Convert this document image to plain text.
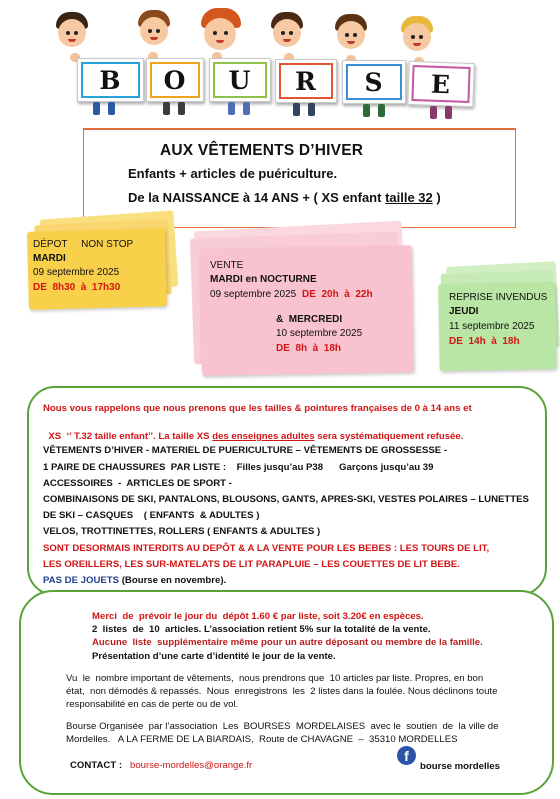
B O U R S E
AUX VÊTEMENTS D’HIVER
Enfants + articles de puériculture.
De la NAISSANCE à 14 ANS + ( XS enfant taille 32 )
DÉPOT     NON STOP
MARDI
09 septembre 2025
DE  8h30  à  17h30
VENTE
MARDI en NOCTURNE
09 septembre 2025 DE  20h  à  22h
&  MERCREDI
10 septembre 2025
DE  8h  à  18h
REPRISE INVENDUS
JEUDI
11 septembre 2025
DE  14h  à  18h
Nous vous rappelons que nous prenons que les tailles & pointures françaises de 0 à 14 ans et

XS  ‘’ T.32 taille enfant’’. La taille XS des enseignes adultes sera systématiquement refusée.

VÊTEMENTS D’HIVER - MATERIEL DE PUERICULTURE – VÊTEMENTS DE GROSSESSE -
1 PAIRE DE CHAUSSURES  PAR LISTE :    Filles jusqu’au P38      Garçons jusqu’au 39
ACCESSOIRES  -  ARTICLES DE SPORT -
COMBINAISONS DE SKI, PANTALONS, BLOUSONS, GANTS, APRES-SKI, VESTES POLAIRES – LUNETTES
DE SKI – CASQUES    ( ENFANTS  & ADULTES )
VELOS, TROTTINETTES, ROLLERS ( ENFANTS & ADULTES )
SONT DESORMAIS INTERDITS AU DEPÔT & A LA VENTE POUR LES BEBES : LES TOURS DE LIT,
LES OREILLERS, LES SUR-MATELATS DE LIT PARAPLUIE – LES COUETTES DE LIT BEBE.
PAS DE JOUETS (Bourse en novembre).
Merci  de  prévoir le jour du  dépôt 1.60 € par liste, soit 3.20€ en espèces.
2  listes  de  10  articles. L’association retient 5% sur la totalité de la vente.
Aucune  liste  supplémentaire même pour un autre déposant ou membre de la famille.
Présentation d’une carte d’identité le jour de la vente.
Vu  le  nombre important de vêtements,  nous prendrons que  10 articles par liste. Propres, en bon
état,  non démodés & repassés.  Nous  enregistrons  les  2 listes dans la foulée. Nous déclinons toute
responsabilité en cas de perte ou de vol.
Bourse Organisée  par l’association  Les  BOURSES  MORDELAISES  avec le  soutien  de  la ville de
Mordelles.   A LA FERME DE LA BIARDAIS,  Route de CHAVAGNE  –  35310 MORDELLES
CONTACT : bourse-mordelles@orange.fr
f
bourse mordelles
